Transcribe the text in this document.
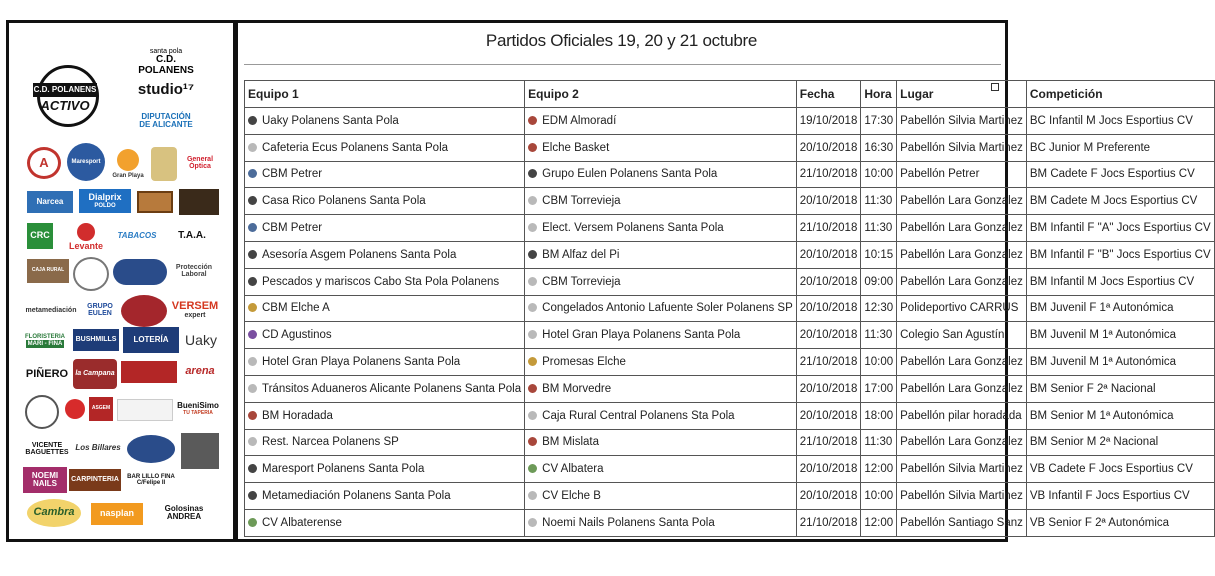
C.D. POLANENS
ACTIVO
santa pola
C.D. POLANENS
studio¹⁷
DIPUTACIÓN
DE ALICANTE
A	Maresport
Gran Playa
General
Óptica
Narcea	Dialprix
POLDO
CRC
Levante
TABACOS	T.A.A.
CAJA RURAL	Protección
Laboral
metamediación
GRUPO
EULEN
VERSEM
expert
FLORISTERIA
MARI - FINA
BUSHMILLS	LOTERÍA	Uaky
PIÑERO	la Campana	arena
ASGEM	BueniSimo
TU TAPERIA
VICENTE
BAGUETTES
Los Billares
NOEMI
NAILS CARPINTERIA	BAR LILLO FINA
C/Felipe II
Cambra	nasplan
Golosinas
ANDREA
Partidos Oficiales 19, 20 y 21 octubre
Equipo 1	Equipo 2	Fecha	Hora	Lugar	Competición
Uaky Polanens Santa Pola	EDM Almoradí	19/10/2018	17:30	Pabellón Silvia Martinez	BC Infantil M Jocs Esportius CV
Cafeteria Ecus Polanens Santa Pola	Elche Basket	20/10/2018	16:30	Pabellón Silvia Martinez	BC Junior M Preferente
CBM Petrer	Grupo Eulen Polanens Santa Pola	21/10/2018	10:00	Pabellón Petrer	BM Cadete F Jocs Esportius CV
Casa Rico Polanens Santa Pola	CBM Torrevieja	20/10/2018	11:30	Pabellón Lara Gonzalez	BM Cadete M Jocs Esportius CV
CBM Petrer	Elect. Versem Polanens Santa Pola	21/10/2018	11:30	Pabellón Lara Gonzalez	BM Infantil F "A" Jocs Esportius CV
Asesoría Asgem Polanens Santa Pola	BM Alfaz del Pi	20/10/2018	10:15	Pabellón Lara Gonzalez	BM Infantil F "B" Jocs Esportius CV
Pescados y mariscos Cabo Sta Pola Polanens	CBM Torrevieja	20/10/2018	09:00	Pabellón Lara Gonzalez	BM Infantil M Jocs Esportius CV
CBM Elche A	Congelados Antonio Lafuente Soler Polanens SP	20/10/2018	12:30	Polideportivo CARRUS	BM Juvenil F 1ª Autonómica
CD Agustinos	Hotel Gran Playa Polanens Santa Pola	20/10/2018	11:30	Colegio San Agustín	BM Juvenil M 1ª Autonómica
Hotel Gran Playa Polanens Santa Pola	Promesas Elche	21/10/2018	10:00	Pabellón Lara Gonzalez	BM Juvenil M 1ª Autonómica
Tránsitos Aduaneros Alicante Polanens Santa Pola	BM Morvedre	20/10/2018	17:00	Pabellón Lara Gonzalez	BM Senior F 2ª Nacional
BM Horadada	Caja Rural Central Polanens Sta Pola	20/10/2018	18:00	Pabellón pilar horadada	BM Senior M 1ª Autonómica
Rest. Narcea Polanens SP	BM Mislata	21/10/2018	11:30	Pabellón Lara Gonzalez	BM Senior M 2ª Nacional
Maresport Polanens Santa Pola	CV Albatera	20/10/2018	12:00	Pabellón Silvia Martinez	VB Cadete F Jocs Esportius CV
Metamediación Polanens Santa Pola	CV Elche B	20/10/2018	10:00	Pabellón Silvia Martinez	VB Infantil F Jocs Esportius CV
CV Albaterense	Noemi Nails Polanens Santa Pola	21/10/2018	12:00	Pabellón Santiago Sanz	VB Senior F 2ª Autonómica
